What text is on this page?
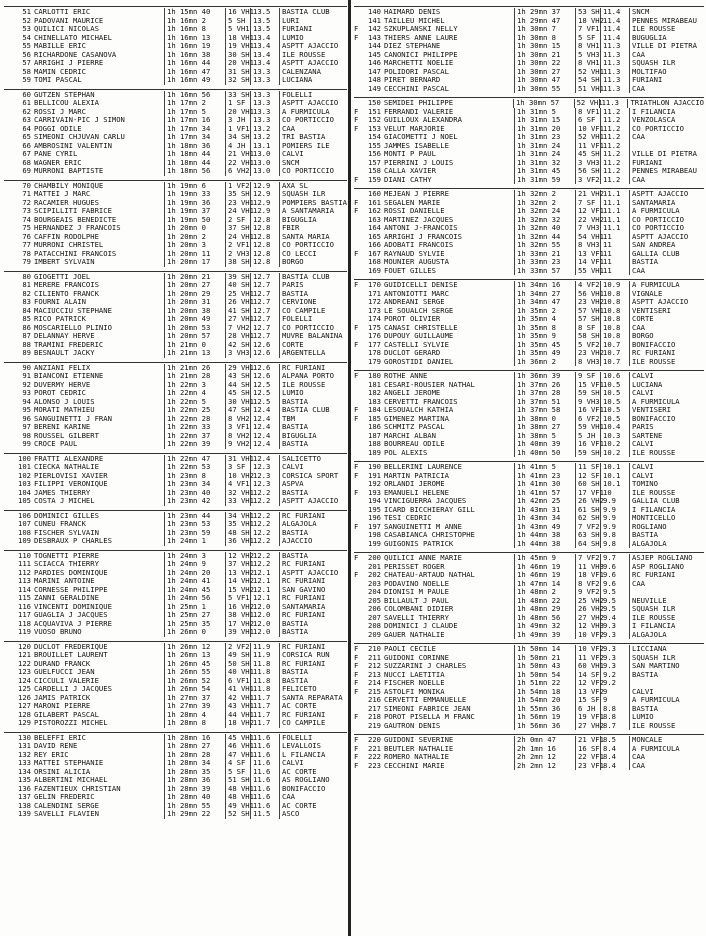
51 CARLOTTI ERIC	1h 15mn 40	16 VH1 13.5	BASTIA CLUB
52 PADOVANI MAURICE	1h 16mn 2	5 SH	13.5	LURI
53 QUILICI NICOLAS	1h 16mn 8	5 VH1 13.5	FURIANI
54 CHINELLATO MICHAEL	1h 16mn 13	18 VH1 13.4	LUMIO
55 MABILLE ERIC	1h 16mn 19	19 VH1 13.4	ASPTT AJACCIO
56 RICHARDONE CASANOVA	1h 16mn 38	30 SH 13.4	ILE ROUSSE
57 ARRIGHI J PIERRE	1h 16mn 44	20 VH1 13.4	ASPTT AJACCIO
58 MAMIN CEDRIC	1h 16mn 47	31 SH 13.3	CALENZANA
59 TOMI PASCAL	1h 16mn 49	32 SH 13.3	LUCIANA
60 GUTZEN STEPHAN	1h 16mn 56	33 SH 13.3	FOLELLI
61 BELLICOU ALEXIA	1h 17mn 2	1 SF	13.3	ASPTT AJACCIO
62 ROSSI J MARC	1h 17mn 5	20 VH1 13.3	A FURMICULA
63 CARRIVAIN-PIC J SIMON	1h 17mn 16	3 JH	13.3	CO PORTICCIO
64 POGGI ODILE	1h 17mn 34	1 VF1 13.2	CAA
65 SIMEONI CHJUVAN CARLU	1h 17mn 34	34 SH 13.2	TRI BASTIA
66 AMBROSINI VALENTIN	1h 18mn 36	4 JH	13.1	POMIERS ILE
67 PANE CYRIL	1h 18mn 44	21 VH1 13.0	CALVI
68 WAGNER ERIC	1h 18mn 44	22 VH1 13.0	SNCM
69 MURRONI BAPTISTE	1h 18mn 56	6 VH2 13.0	CO PORTICCIO
70 CHAMBILY MONIQUE	1h 19mn 6	1 VF2 12.9	AXA SL
71 MATTEI J MARC	1h 19mn 33	35 SH 12.9	SQUASH ILR
72 RACAMIER HUGUES	1h 19mn 36	23 VH1 12.9	POMPIERS BASTIA
73 SCIPILLITI FABRICE	1h 19mn 37	24 VH1 12.9	A SANTAMARIA
74 BOURGEAIS BENEDICTE	1h 19mn 50	2 SF	12.8	BIGUGLIA
75 HERNANDEZ J FRANCOIS	1h 20mn 0	37 SH 12.8	FBIR
76 CAFFIN RODOLPHE	1h 20mn 2	24 VH1 12.8	SANTA MARIA
77 MURRONI CHRISTEL	1h 20mn 3	2 VF1 12.8	CO PORTICCIO
78 PATACCHINI FRANCOIS	1h 20mn 11	2 VH3 12.8	CO LECCI
79 IMBERT SYLVAIN	1h 20mn 17	38 SH 12.8	BORGO
80 GIOGETTI JOEL	1h 20mn 21	39 SH 12.7	BASTIA CLUB
81 MERERE FRANCOIS	1h 20mn 27	40 SH 12.7	PARIS
82 CILIENTO FRANCK	1h 20mn 29	25 VH1 12.7	BASTIA
83 FOURNI ALAIN	1h 20mn 31	26 VH1 12.7	CERVIONE
84 MACIUCCIU STEPHANE	1h 20mn 38	41 SH 12.7	CO CAMPILE
85 RICO PATRICK	1h 20mn 49	27 VH1 12.7	FOLELLI
86 MOSCARIELLO PLINIO	1h 20mn 53	7 VH2 12.7	CO PORTICCIO
87 DELANNAY HERVE	1h 20mn 57	28 VH1 12.7	MUVRE BALANINA
88 TRAMINI FREDERIC	1h 21mn 0	42 SH 12.6	CORTE
89 BESNAULT JACKY	1h 21mn 13	3 VH3 12.6	ARGENTELLA
90 ANZIANI FELIX	1h 21mn 26	29 VH1 12.6	RC FURIANI
91 BIANCONI ETIENNE	1h 21mn 28	43 SH 12.6	ALPANA PORTO
92 DUVERMY HERVE	1h 22mn 3	44 SH 12.5	ILE ROUSSE
93 POROT CEDRIC	1h 22mn 4	45 SH 12.5	LUMIO
94 ALONSO J LOUIS	1h 22mn 5	30 VH1 12.5	BASTIA
95 MORATI MATHIEU	1h 22mn 25	47 SH 12.4	BASTIA CLUB
96 SANGUINETTI J FRAN	1h 22mn 28	8 VH2 12.4	TBM
97 BERENI KARINE	1h 22mn 33	3 VF1 12.4	BASTIA
98 ROUSSEL GILBERT	1h 22mn 37	8 VH2 12.4	BIGUGLIA
99 CROCE PAUL	1h 22mn 39	9 VH2 12.4	BASTIA
100 FRATTI ALEXANDRE	1h 22mn 47	31 VH1 12.4	SALICETTO
101 CIECKA NATHALIE	1h 22mn 53	3 SF	12.3	CALVI
102 PIERLOVISI XAVIER	1h 23mn 8	10 VH2 12.3	CORSICA SPORT
103 FILIPPI VERONIQUE	1h 23mn 34	4 VF1 12.3	ASPVA
104 JAMES THIERRY	1h 23mn 40	32 VH1 12.2	BASTIA
105 COSTA J MICHEL	1h 23mn 42	33 VH1 12.2	ASPTT AJACCIO
106 DOMINICI GILLES	1h 23mn 44	34 VH1 12.2	RC FURIANI
107 CUNEU FRANCK	1h 23mn 53	35 VH1 12.2	ALGAJOLA
108 FISCHER SYLVAIN	1h 23mn 59	48 SH 12.2	BASTIA
109 DESBRAUX P CHARLES	1h 24mn 1	36 VH1 12.2	AJACCIO
110 TOGNETTI PIERRE	1h 24mn 3	12 VH2 12.2	BASTIA
111 SCIACCA THIERRY	1h 24mn 9	37 VH1 12.2	RC FURIANI
112 PARDIES DOMINIQUE	1h 24mn 20	13 VH2 12.1	ASPTT AJACCIO
113 MARINI ANTOINE	1h 24mn 41	14 VH2 12.1	RC FURIANI
114 CORNESSE PHILIPPE	1h 24mn 45	15 VH2 12.1	SAN GAVINO
115 ZANNI GERALDINE	1h 24mn 56	5 VF1 12.1	RC FURIANI
116 VINCENTI DOMINIQUE	1h 25mn 1	16 VH2 12.0	SANTAMARIA
117 GUAGLIA J JACQUES	1h 25mn 27	38 VH1 12.0	RC FURIANI
118 ACQUAVIVA J PIERRE	1h 25mn 35	17 VH2 12.0	BASTIA
119 VUOSO BRUNO	1h 26mn 0	39 VH1 12.0	BASTIA
120 DUCLOT FREDERIQUE	1h 26mn 12	2 VF2 11.9	RC FURIANI
121 BROUILLET LAURENT	1h 26mn 13	49 SH 11.9	CORSICA RUN
122 DURAND FRANCK	1h 26mn 45	50 SH 11.8	RC FURIANI
123 GUELFUCCI JEAN	1h 26mn 55	40 VH1 11.8	BASTIA
124 CICCULI VALERIE	1h 26mn 52	6 VF1 11.8	BASTIA
125 CARDELLI J JACQUES	1h 26mn 54	41 VH1 11.8	FELICETO
126 JAMIS PATRICK	1h 27mn 37	42 VH1 11.7	SANTA REPARATA
127 MARONI PIERRE	1h 27mn 39	43 VH1 11.7	AC CORTE
128 GILABERT PASCAL	1h 28mn 4	44 VH1 11.7	RC FURIANI
129 PISTOROZZI MICHEL	1h 28mn 8	18 VH2 11.7	CO CAMPILE
130 BELEFFI ERIC	1h 28mn 16	45 VH1 11.6	FOLELLI
131 DAVID RENE	1h 28mn 27	46 VH1 11.6	LEVALLOIS
132 REY ERIC	1h 28mn 28	47 VH1 11.6	L FILANCIA
133 MATTEI STEPHANIE	1h 28mn 34	4 SF	11.6	CALVI
134 ORSINI ALICIA	1h 28mn 35	5 SF	11.6	AC CORTE
135 ALBERTINI MICHAEL	1h 28mn 36	51 SH 11.6	AS ROGLIANO
136 FAZENTIEUX CHRISTIAN	1h 28mn 39	48 VH1 11.6	BONIFACCIO
137 GELIN FREDERIC	1h 28mn 40	48 VH1 11.6	CAA
138 CALENDINI SERGE	1h 28mn 55	49 VH1 11.6	AC CORTE
139 SAVELLI FLAVIEN	1h 29mn 22	52 SH 11.5	ASCO
140 HAIMARD DENIS	1h 29mn 37	53 SH 11.4	SNCM
141 TAILLEU MICHEL	1h 29mn 47	18 VH2 11.4	PENNES MIRABEAU
F	142 SZKUPLANSKI NELLY	1h 30mn 7	7 VF1 11.4	ILE ROUSSE
F	143 THIERS ANNE LAURE	1h 30mn 8	5 SF	11.4	BUGUGLIA
144 DIEZ STEPHANE	1h 30mn 15	8 VH1 11.3	VILLE DI PIETRA
145 CANONICI PHILIPPE	1h 30mn 21	5 VH3 11.3	CAA
146 MARCHETTI NOELIE	1h 30mn 22	8 VH1 11.3	SQUASH ILR
147 POLIDORI PASCAL	1h 30mn 27	52 VH1 11.3	MOLTIFAO
148 PIRET BERNARD	1h 30mn 47	54 SH 11.3	FURIANI
149 CECCHINI PASCAL	1h 30mn 55	51 VH1 11.3	CAA
150 SEMIDEI PHILIPPE	1h 30mn 57	52 VH1 11.3	TRIATHLON AJACCIO
F	151 FERRANDI VALERIE	1h 31mn 5	8 VF1 11.2	I FILANCIA
F	152 GUILLOUX ALEXANDRA	1h 31mn 15	6 SF	11.2	VENZOLASCA
F	153 VELUT MARJORIE	1h 31mn 20	10 VF1 11.2	CO PORTICCIO
154 GIACOMETTI J NOEL	1h 31mn 23	52 VH1 11.2	CAA
155 JAMMES ISABELLE	1h 31mn 24	11 VF1 11.2
156 MONTI P PAUL	1h 31mn 24	45 SH 11.2	VILLE DI PIETRA
157 PIERRINI J LOUIS	1h 31mn 32	3 VH3 11.2	FURIANI
158 CALLA XAVIER	1h 31mn 45	56 SH 11.2	PENNES MIRABEAU
F	159 DIANI CATHY	1h 31mn 59	3 VF2 11.2	CAA
160 MEJEAN J PIERRE	1h 32mn 2	21 VH2 11.1	ASPTT AJACCIO
F	161 SEGALEN MARIE	1h 32mn 2	7 SF	11.1	SANTAMARIA
F	162 ROSSI DANIELLE	1h 32mn 24	12 VF1 11.1	A FURMICULA
163 MARTINEZ JACQUES	1h 32mn 32	22 VH2 11.1	CO PORTICCIO
164 ANTONI J-FRANCOIS	1h 32mn 40	7 VH3 11.1	CO PORTICCIO
165 ARRIGHI J FRANCOIS	1h 32mn 44	54 VH1 11	ASPTT AJACCIO
166 ADOBATI FRANCOIS	1h 32mn 55	8 VH3 11	SAN ANDREA
F	167 RAYNAUD SYLVIE	1h 33mn 21	13 VF1 11	GALLIA CLUB
168 MOUNIER AUGUSTA	1h 33mn 23	14 VF1 11	BASTIA
169 FOUET GILLES	1h 33mn 57	55 VH1 11	CAA
F	170 GUIDICELLI DENISE	1h 34mn 16	4 VF2 10.9	A FURMICULA
171 ANTONIOTTI MARC	1h 34mn 27	56 VH1 10.8	VIGNALE
172 ANDREANI SERGE	1h 34mn 47	23 VH2 10.8	ASPTT AJACCIO
173 LE SOUALCH SERGE	1h 35mn 2	57 VH1 10.8	VENTISERI
174 POROT OLIVIER	1h 35mn 4	57 SH 10.8	CORTE
F	175 CANASI CHRISTELLE	1h 35mn 8	8 SF	10.8	CAA
176 DUPOUY GUILLAUME	1h 35mn 9	58 SH 10.8	BORGO
F	177 CASTELLI SYLVIE	1h 35mn 45	5 VF2 10.7	BONIFACCIO
178 DUCLOT GERARD	1h 35mn 49	23 VH2 10.7	RC FURIANI
179 GOROSTIDI DANIEL	1h 36mn 2	8 VH3 10.7	ILE ROUSSE
F	180 ROTHE ANNE	1h 36mn 39	9 SF	10.6	CALVI
181 CESARI-ROUSIER NATHAL	1h 37mn 26	15 VF1 10.5	LUCIANA
182 ANGELI JEROME	1h 37mn 28	59 SH 10.5	CALVI
183 CERVETTI FRANCOIS	1h 37mn 51	9 VH3 10.5	A FURMICULA
F	184 LESOUALCH KATHIA	1h 37mn 58	16 VF1 10.5	VENTISERI
F	185 GIMENEZ MARTINA	1h 38mn 0	6 VF2 10.5	BONIFACCIO
186 SCHMITZ PASCAL	1h 38mn 27	59 VH1 10.4	PARIS
187 MARCHI ALBAN	1h 38mn 5	5 JH	10.3	SARTENE
188 BOURREAU ODILE	1h 40mn 39	16 VF1 10.2	CALVI
189 POL ALEXIS	1h 40mn 50	59 SH 10.2	ILE ROUSSE
F	190 BELLERINI LAURENCE	1h 41mn 5	11 SF 10.1	CALVI
F	191 MARTIN PATRICIA	1h 41mn 23	12 SF 10.1	CALVI
192 ORLANDI JEROME	1h 41mn 30	60 SH 10.1	TOMINO
F	193 EMANUELI HELENE	1h 41mn 57	17 VF1 10	ILE ROUSSE
194 VINCIGUERRA JACQUES	1h 42mn 25	26 VH2 9.9	GALLIA CLUB
195 ICARD BICCHIERAY GILL	1h 43mn 31	61 SH 9.9	I FILANCIA
196 TESI CEDRIC	1h 43mn 34	62 SH 9.9	MONTICELLO
F	197 SANGUINETTI M ANNE	1h 43mn 49	7 VF2 9.9	ROGLIANO
198 CASABIANCA CHRISTOPHE	1h 44mn 38	63 SH 9.8	BASTIA
199 GUIGONIS PATRICK	1h 44mn 38	64 SH 9.8	ALGAJOLA
F	200 QUILICI ANNE MARIE	1h 45mn 9	7 VF2 9.7	ASJEP ROGLIANO
201 PERISSET ROGER	1h 46mn 19	11 VH3 9.6	ASP ROGLIANO
F	202 CHATEAU-ARTAUD NATHAL	1h 46mn 19	18 VF1 9.6	RC FURIANI
203 PODAVINO NOELLE	1h 47mn 14	8 VF2 9.6	CAA
204 DIONISI M PAULE	1h 48mn 2	9 VF2 9.5
205 BILLAULT J PAUL	1h 48mn 22	25 VH2 9.5	NEUVILLE
206 COLOMBANI DIDIER	1h 48mn 29	26 VH2 9.5	SQUASH ILR
207 SAVELLI THIERRY	1h 48mn 56	27 VH2 9.4	ILE ROUSSE
208 DOMINICI J CLAUDE	1h 49mn 32	12 VH3 9.3	I FILANCIA
209 GAUER NATHALIE	1h 49mn 39	10 VF2 9.3	ALGAJOLA
F	210 PAOLI CECILE	1h 50mn 14	10 VF2 9.3	LICCIANA
F	211 GUIDONI CORINNE	1h 50mn 21	11 VF2 9.3	SQUASH ILR
F	212 SUZZARINI J CHARLES	1h 50mn 43	60 VH1 9.3	SAN MARTINO
F	213 NUCCI LAETITIA	1h 50mn 54	14 SF 9.2	BASTIA
F	214 FISCHER NOELLE	1h 51mn 22	12 VF2 9.2
F	215 ASTOLFI MONIKA	1h 54mn 18	13 VF2 9	CALVI
216 CERVETTI EMMANUELLE	1h 54mn 20	15 SF 9	A FURMICULA
217 SIMEONI FABRICE JEAN	1h 55mn 36	6 JH	8.8	BASTIA
F	218 POROT PISELLA M FRANC	1h 56mn 19	19 VF1 8.8	LUMIO
219 GAUTRON DENIS	1h 56mn 36	27 VH2 8.7	ILE ROUSSE
F	220 GUIDONI SEVERINE	2h 0mn 47	21 VF1 8.5	MONCALE
F	221 BEUTLER NATHALIE	2h 1mn 16	16 SF 8.4	A FURMICULA
F	222 ROMERO NATHALIE	2h 2mn 12	22 VF1 8.4	CAA
F	223 CECCHINI MARIE	2h 2mn 12	23 VF1 8.4	CAA
